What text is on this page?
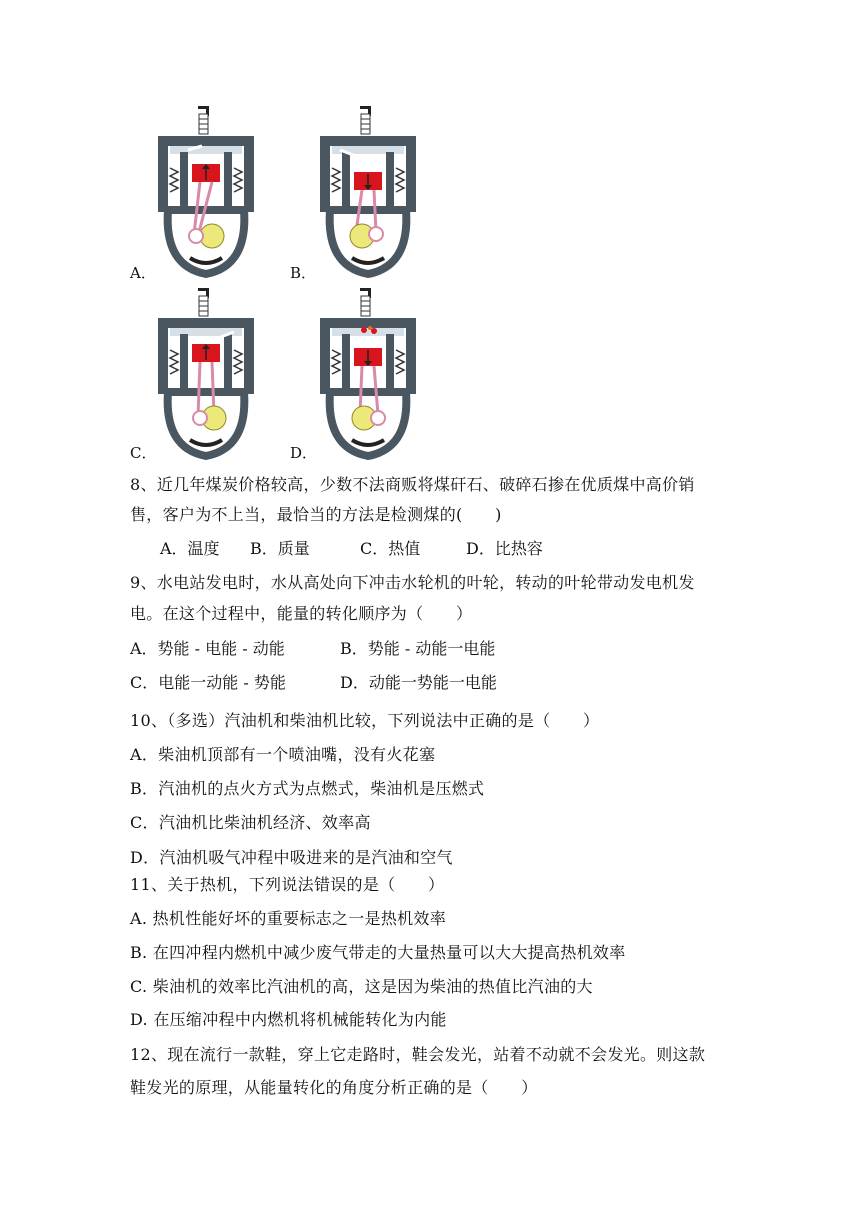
A．	B．
C．	D．
8、近几年煤炭价格较高，少数不法商贩将煤矸石、破碎石掺在优质煤中高价销
售，客户为不上当，最恰当的方法是检测煤的(　　)
A．温度 B．质量	C．热值	D．比热容
9、水电站发电时，水从高处向下冲击水轮机的叶轮，转动的叶轮带动发电机发
电。在这个过程中，能量的转化顺序为（　　）
A．势能 - 电能 - 动能	B．势能 - 动能一电能
C．电能一动能 - 势能	D．动能一势能一电能
10、（多选）汽油机和柴油机比较，下列说法中正确的是（　　）
A．柴油机顶部有一个喷油嘴，没有火花塞
B．汽油机的点火方式为点燃式，柴油机是压燃式
C．汽油机比柴油机经济、效率高
D．汽油机吸气冲程中吸进来的是汽油和空气
11、关于热机，下列说法错误的是（　　）
A. 热机性能好坏的重要标志之一是热机效率
B. 在四冲程内燃机中减少废气带走的大量热量可以大大提高热机效率
C. 柴油机的效率比汽油机的高，这是因为柴油的热值比汽油的大
D. 在压缩冲程中内燃机将机械能转化为内能
12、现在流行一款鞋，穿上它走路时，鞋会发光，站着不动就不会发光。则这款
鞋发光的原理，从能量转化的角度分析正确的是（　　）
